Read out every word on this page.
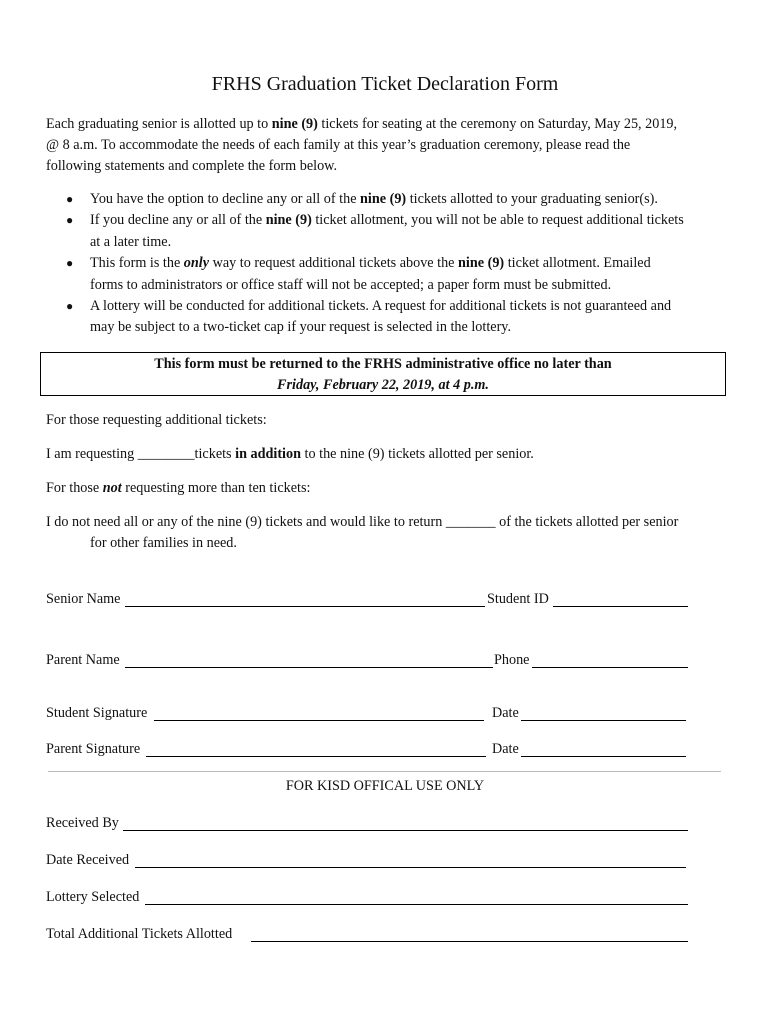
FRHS Graduation Ticket Declaration Form
Each graduating senior is allotted up to nine (9) tickets for seating at the ceremony on Saturday, May 25, 2019,
@ 8 a.m. To accommodate the needs of each family at this year’s graduation ceremony, please read the
following statements and complete the form below.
● You have the option to decline any or all of the nine (9) tickets allotted to your graduating senior(s).
● If you decline any or all of the nine (9) ticket allotment, you will not be able to request additional tickets
at a later time.
● This form is the only way to request additional tickets above the nine (9) ticket allotment. Emailed
forms to administrators or office staff will not be accepted; a paper form must be submitted.
● A lottery will be conducted for additional tickets. A request for additional tickets is not guaranteed and
may be subject to a two-ticket cap if your request is selected in the lottery.
This form must be returned to the FRHS administrative office no later than
Friday, February 22, 2019, at 4 p.m.
For those requesting additional tickets:
I am requesting ________tickets in addition to the nine (9) tickets allotted per senior.
For those not requesting more than ten tickets:
I do not need all or any of the nine (9) tickets and would like to return _______ of the tickets allotted per senior
for other families in need.
Senior Name	Student ID
Parent Name	Phone
Student Signature	Date
Parent Signature	Date
FOR KISD OFFICAL USE ONLY
Received By
Date Received
Lottery Selected
Total Additional Tickets Allotted
